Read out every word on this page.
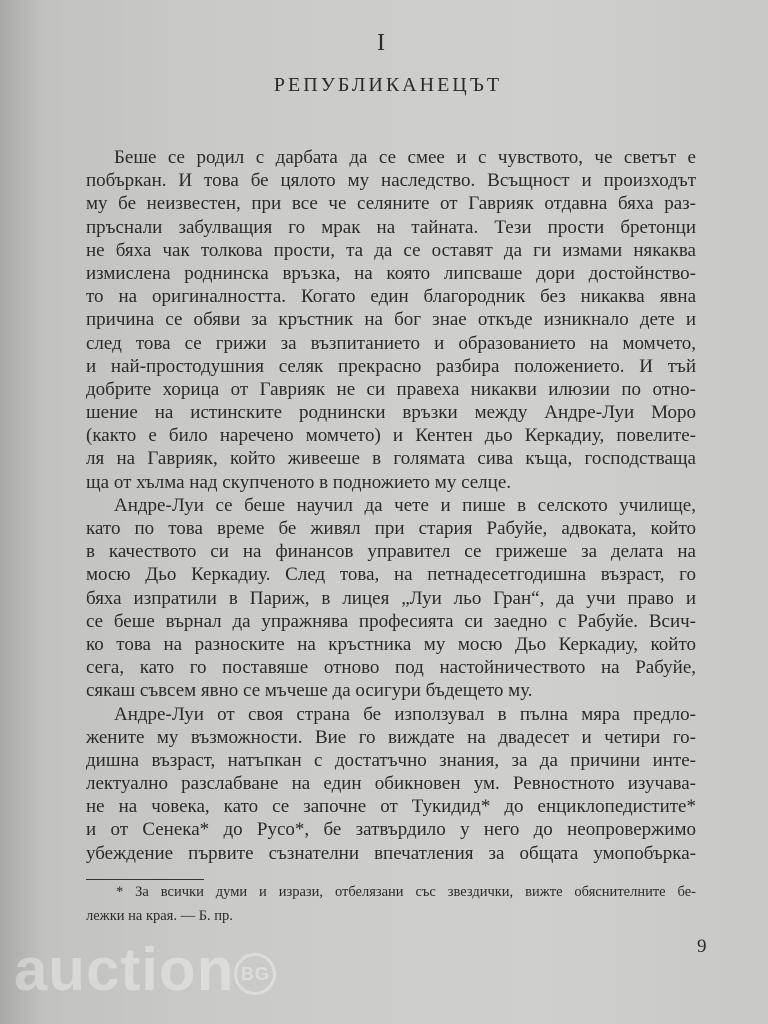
I
РЕПУБЛИКАНЕЦЪТ
Беше се родил с дарбата да се смее и с чувството, че светът е
побъркан. И това бе цялото му наследство. Всъщност и произходът
му бе неизвестен, при все че селяните от Гаврияк отдавна бяха раз-
пръснали забулващия го мрак на тайната. Тези прости бретонци
не бяха чак толкова прости, та да се оставят да ги измами някаква
измислена роднинска връзка, на която липсваше дори достойнство-
то на оригиналността. Когато един благородник без никаква явна
причина се обяви за кръстник на бог знае откъде изникнало дете и
след това се грижи за възпитанието и образованието на момчето,
и най-простодушния селяк прекрасно разбира положението. И тъй
добрите хорица от Гаврияк не си правеха никакви илюзии по отно-
шение на истинските роднински връзки между Андре-Луи Моро
(както е било наречено момчето) и Кентен дьо Керкадиу, повелите-
ля на Гаврияк, който живееше в голямата сива къща, господстваща
ща от хълма над скупченото в подножието му селце.
Андре-Луи се беше научил да чете и пише в селското училище,
като по това време бе живял при стария Рабуйе, адвоката, който
в качеството си на финансов управител се грижеше за делата на
мосю Дьо Керкадиу. След това, на петнадесетгодишна възраст, го
бяха изпратили в Париж, в лицея „Луи льо Гран“, да учи право и
се беше върнал да упражнява професията си заедно с Рабуйе. Всич-
ко това на разноските на кръстника му мосю Дьо Керкадиу, който
сега, като го поставяше отново под настойничеството на Рабуйе,
сякаш съвсем явно се мъчеше да осигури бъдещето му.
Андре-Луи от своя страна бе използувал в пълна мяра предло-
жените му възможности. Вие го виждате на двадесет и четири го-
дишна възраст, натъпкан с достатъчно знания, за да причини инте-
лектуално разслабване на един обикновен ум. Ревностното изучава-
не на човека, като се започне от Тукидид* до енциклопедистите*
и от Сенека* до Русо*, бе затвърдило у него до неопровержимо
убеждение първите съзнателни впечатления за общата умопобърка-
* За всички думи и изрази, отбелязани със звездички, вижте обяснителните бе-
лежки на края. — Б. пр.
9
auction BG
